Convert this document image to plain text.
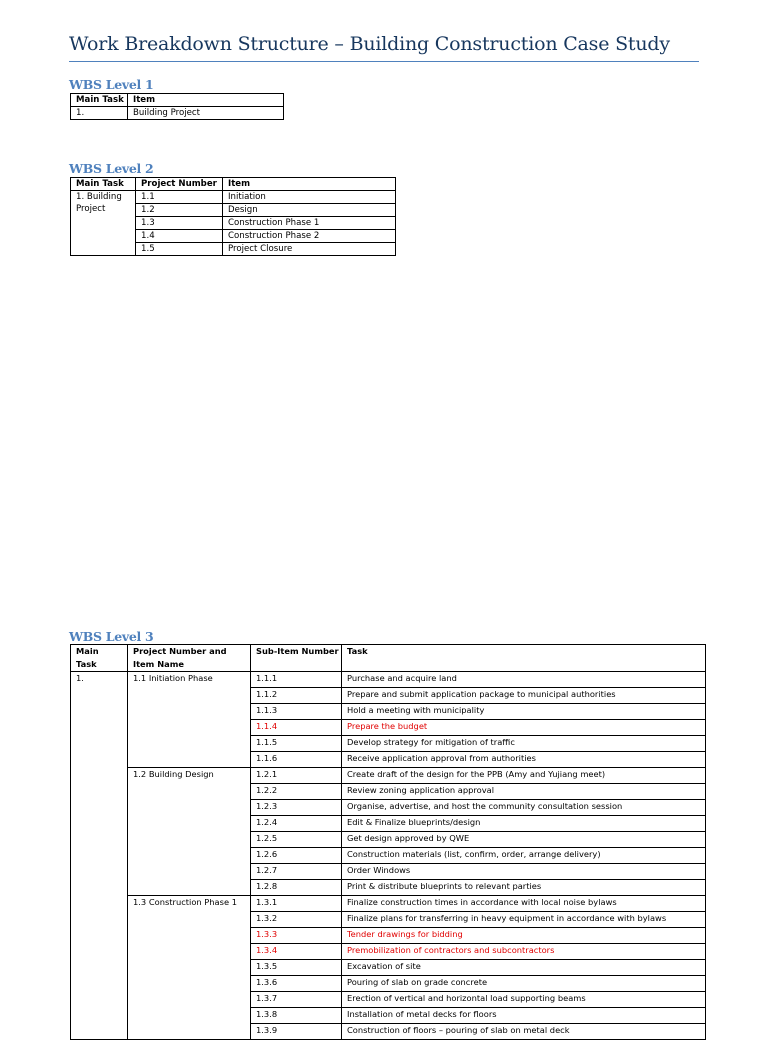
Work Breakdown Structure – Building Construction Case Study
WBS Level 1
Main Task	Item
1.	Building Project
WBS Level 2
Main Task	Project Number	Item
1. Building Project	1.1	Initiation
	1.2	Design
	1.3	Construction Phase 1
	1.4	Construction Phase 2
	1.5	Project Closure
WBS Level 3
Main Task	Project Number and Item Name	Sub-Item Number	Task
1.	1.1 Initiation Phase	1.1.1	Purchase and acquire land
		1.1.2	Prepare and submit application package to municipal authorities
		1.1.3	Hold a meeting with municipality
		1.1.4	Prepare the budget
		1.1.5	Develop strategy for mitigation of traffic
		1.1.6	Receive application approval from authorities
	1.2 Building Design	1.2.1	Create draft of the design for the PPB (Amy and Yujiang meet)
		1.2.2	Review zoning application approval
		1.2.3	Organise, advertise, and host the community consultation session
		1.2.4	Edit & Finalize blueprints/design
		1.2.5	Get design approved by QWE
		1.2.6	Construction materials (list, confirm, order, arrange delivery)
		1.2.7	Order Windows
		1.2.8	Print & distribute blueprints to relevant parties
	1.3 Construction Phase 1	1.3.1	Finalize construction times in accordance with local noise bylaws
		1.3.2	Finalize plans for transferring in heavy equipment in accordance with bylaws
		1.3.3	Tender drawings for bidding
		1.3.4	Premobilization of contractors and subcontractors
		1.3.5	Excavation of site
		1.3.6	Pouring of slab on grade concrete
		1.3.7	Erection of vertical and horizontal load supporting beams
		1.3.8	Installation of metal decks for floors
		1.3.9	Construction of floors – pouring of slab on metal deck
